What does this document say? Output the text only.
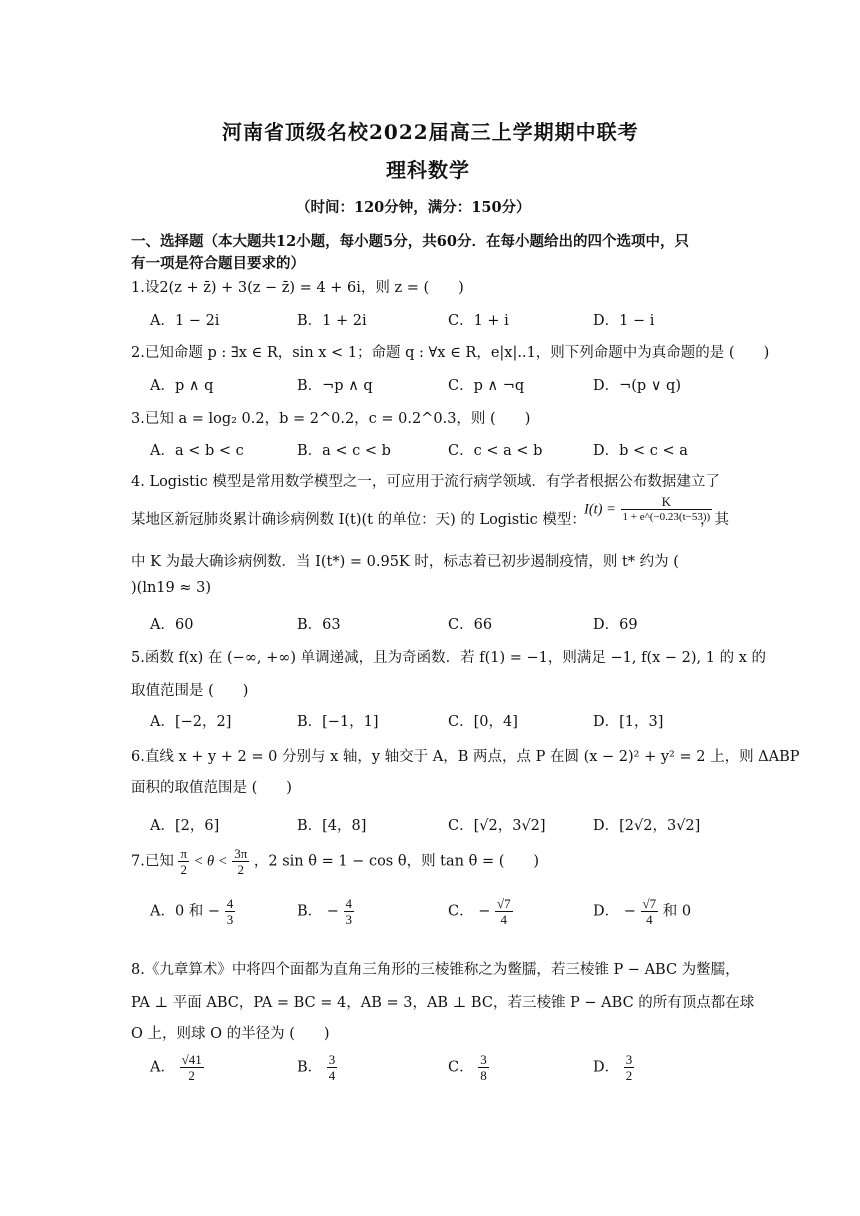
河南省顶级名校2022届高三上学期期中联考
理科数学
（时间：120分钟，满分：150分）
一、选择题（本大题共12小题，每小题5分，共60分．在每小题给出的四个选项中，只
有一项是符合题目要求的）
1.设2(z + z̄) + 3(z − z̄) = 4 + 6i，则 z = (　　)
A．1 − 2i	B．1 + 2i	C．1 + i	D．1 − i
2.已知命题 p : ∃x ∈ R，sin x < 1；命题 q : ∀x ∈ R，e|x|..1，则下列命题中为真命题的是 (　　)
A．p ∧ q	B．¬p ∧ q	C．p ∧ ¬q	D．¬(p ∨ q)
3.已知 a = log₂ 0.2，b = 2^0.2，c = 0.2^0.3，则 (　　)
A．a < b < c	B．a < c < b	C．c < a < b	D．b < c < a
4. Logistic 模型是常用数学模型之一，可应用于流行病学领域．有学者根据公布数据建立了
某地区新冠肺炎累计确诊病例数 I(t)(t 的单位：天) 的 Logistic 模型：
$I(t) = \frac{K}{1 + e\^{}(-0.23(t-53))}$
，其
中 K 为最大确诊病例数．当 I(t*) = 0.95K 时，标志着已初步遏制疫情，则 t* 约为 (
)(ln19 ≈ 3)
A．60	B．63	C．66	D．69
5.函数 f(x) 在 (−∞, +∞) 单调递减，且为奇函数．若 f(1) = −1，则满足 −1, f(x − 2), 1 的 x 的
取值范围是 (　　)
A．[−2，2]	B．[−1，1]	C．[0，4]	D．[1，3]
6.直线 x + y + 2 = 0 分别与 x 轴，y 轴交于 A，B 两点，点 P 在圆 (x − 2)² + y² = 2 上，则 ΔABP
面积的取值范围是 (　　)
A．[2，6]	B．[4，8]	C．[√2，3√2]	D．[2√2，3√2]
7.已知 $\frac{\pi}{2} < \theta < \frac{3\pi}{2}$ ，2 sin θ = 1 − cos θ，则 tan θ = (　　)
A．0 和 − $\frac{4}{3}$	B． − $\frac{4}{3}$	C． − $\frac{√7}{4}$	D． − $\frac{√7}{4}$ 和 0
8.《九章算术》中将四个面都为直角三角形的三棱锥称之为鳖臑，若三棱锥 P − ABC 为鳖臑，
PA ⊥ 平面 ABC，PA = BC = 4，AB = 3，AB ⊥ BC，若三棱锥 P − ABC 的所有顶点都在球
O 上，则球 O 的半径为 (　　)
A． $\frac{√41}{2}$	B． $\frac{3}{4}$	C． $\frac{3}{8}$	D． $\frac{3}{2}$
